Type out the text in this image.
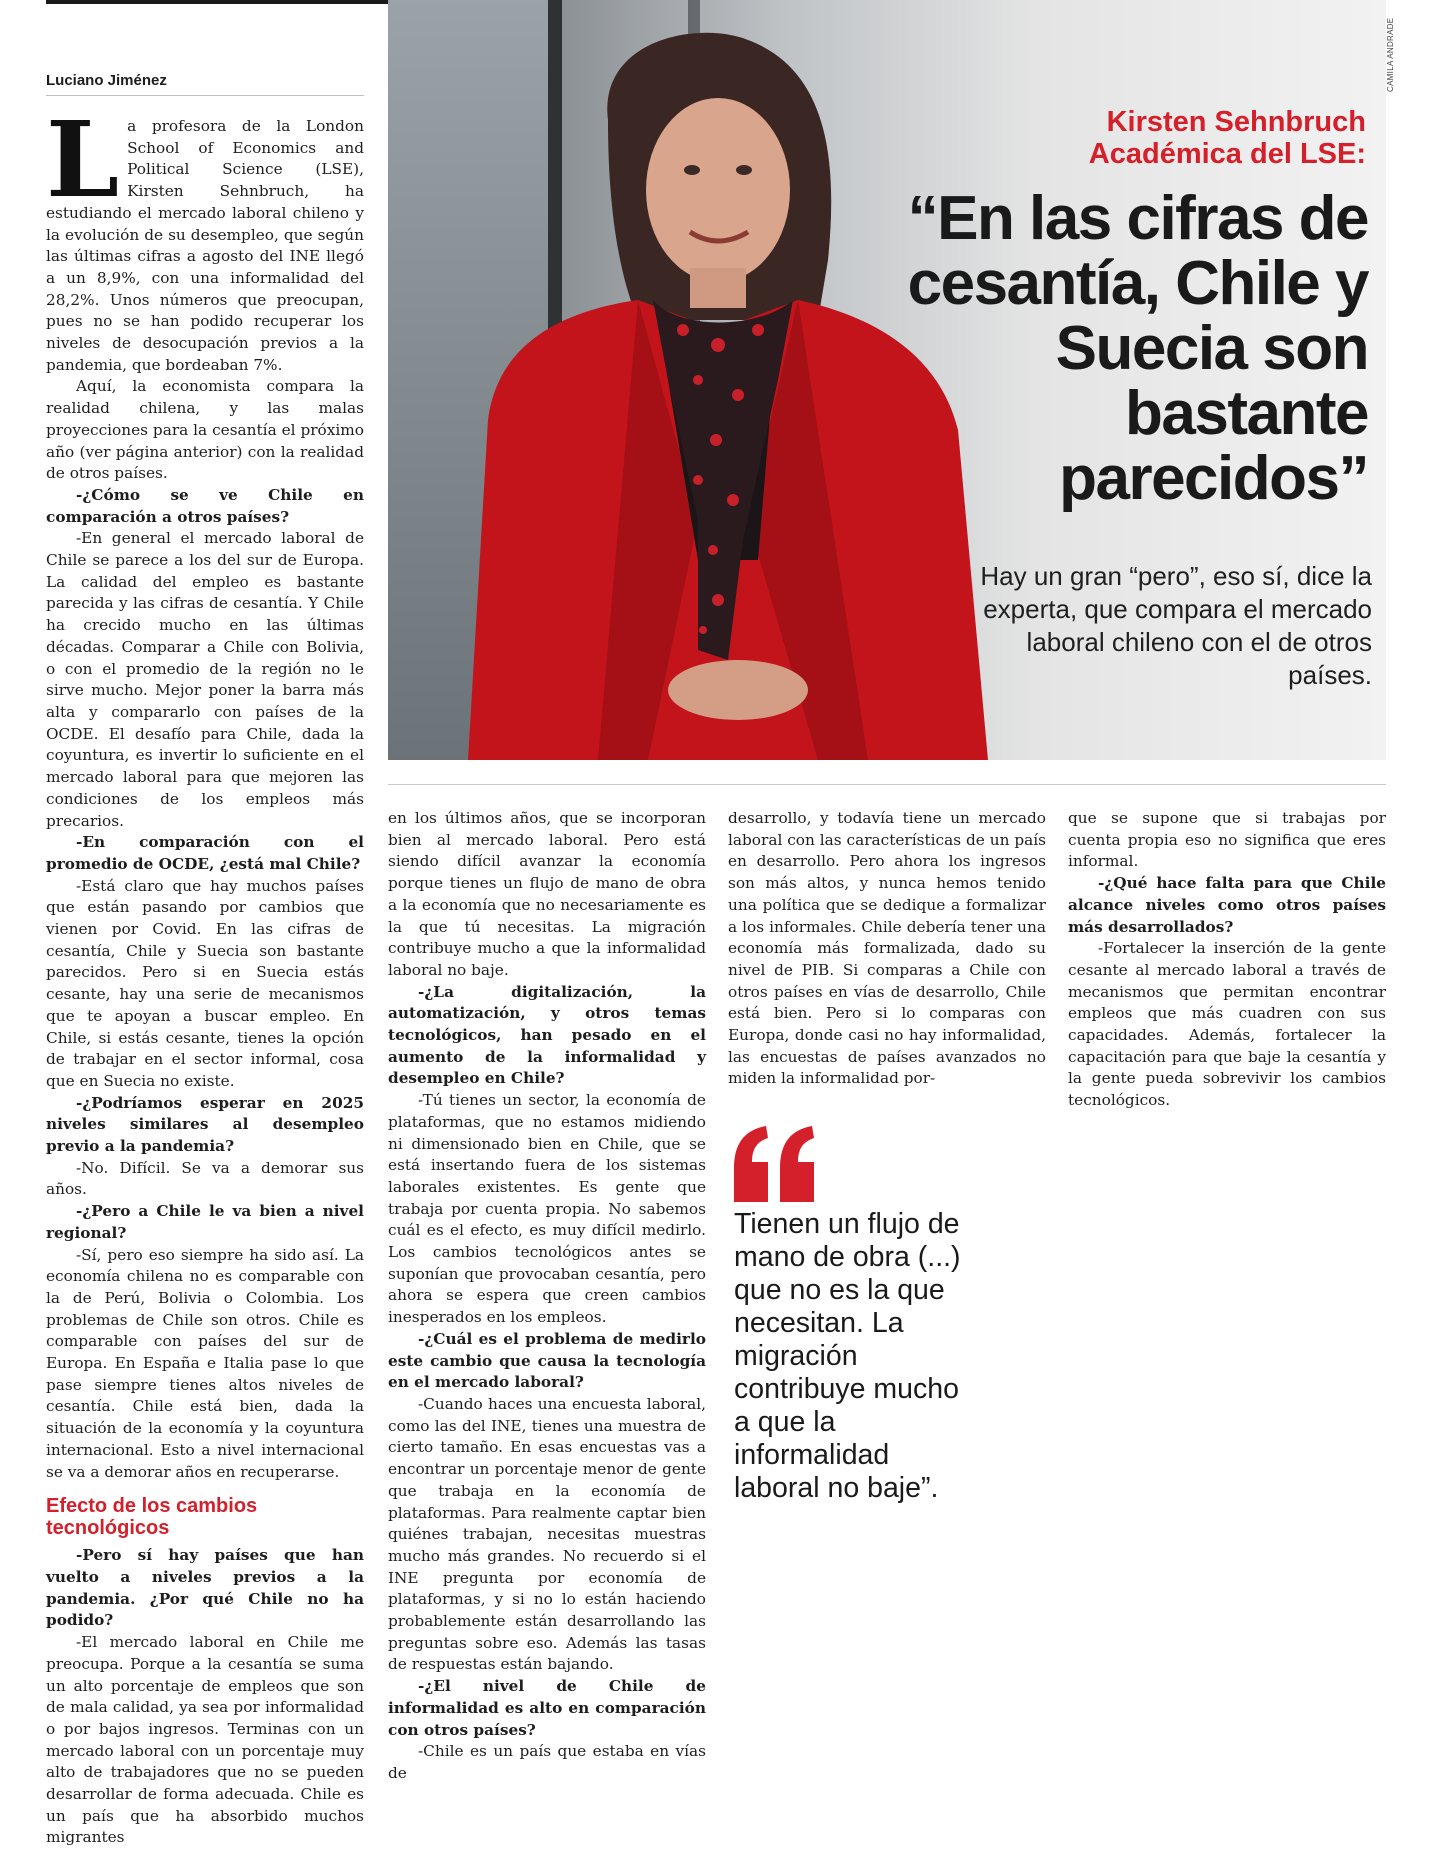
Luciano Jiménez	CAMILA ANDRADE
Kirsten Sehnbruch
Académica del LSE:
“En las cifras de cesantía, Chile y Suecia son bastante parecidos”
Hay un gran “pero”, eso sí, dice la experta, que compara el mercado laboral chileno con el de otros países.
L a profesora de la London School of Economics and Political Science (LSE), Kirsten Sehnbruch, ha estudiando el mercado laboral chileno y la evolución de su desempleo, que según las últimas cifras a agosto del INE llegó a un 8,9%, con una informalidad del 28,2%. Unos números que preocupan, pues no se han podido recuperar los niveles de desocupación previos a la pandemia, que bordeaban 7%.

Aquí, la economista compara la realidad chilena, y las malas proyecciones para la cesantía el próximo año (ver página anterior) con la realidad de otros países.

-¿Cómo se ve Chile en comparación a otros países?

-En general el mercado laboral de Chile se parece a los del sur de Europa. La calidad del empleo es bastante parecida y las cifras de cesantía. Y Chile ha crecido mucho en las últimas décadas. Comparar a Chile con Bolivia, o con el promedio de la región no le sirve mucho. Mejor poner la barra más alta y compararlo con países de la OCDE. El desafío para Chile, dada la coyuntura, es invertir lo suficiente en el mercado laboral para que mejoren las condiciones de los empleos más precarios.

-En comparación con el promedio de OCDE, ¿está mal Chile?

-Está claro que hay muchos países que están pasando por cambios que vienen por Covid. En las cifras de cesantía, Chile y Suecia son bastante parecidos. Pero si en Suecia estás cesante, hay una serie de mecanismos que te apoyan a buscar empleo. En Chile, si estás cesante, tienes la opción de trabajar en el sector informal, cosa que en Suecia no existe.

-¿Podríamos esperar en 2025 niveles similares al desempleo previo a la pandemia?

-No. Difícil. Se va a demorar sus años.

-¿Pero a Chile le va bien a nivel regional?

-Sí, pero eso siempre ha sido así. La economía chilena no es comparable con la de Perú, Bolivia o Colombia. Los problemas de Chile son otros. Chile es comparable con países del sur de Europa. En España e Italia pase lo que pase siempre tienes altos niveles de cesantía. Chile está bien, dada la situación de la economía y la coyuntura internacional. Esto a nivel internacional se va a demorar años en recuperarse.

Efecto de los cambios tecnológicos

-Pero sí hay países que han vuelto a niveles previos a la pandemia. ¿Por qué Chile no ha podido?

-El mercado laboral en Chile me preocupa. Porque a la cesantía se suma un alto porcentaje de empleos que son de mala calidad, ya sea por informalidad o por bajos ingresos. Terminas con un mercado laboral con un porcentaje muy alto de trabajadores que no se pueden desarrollar de forma adecuada. Chile es un país que ha absorbido muchos migrantes

en los últimos años, que se incorporan bien al mercado laboral. Pero está siendo difícil avanzar la economía porque tienes un flujo de mano de obra a la economía que no necesariamente es la que tú necesitas. La migración contribuye mucho a que la informalidad laboral no baje.

-¿La digitalización, la automatización, y otros temas tecnológicos, han pesado en el aumento de la informalidad y desempleo en Chile?

-Tú tienes un sector, la economía de plataformas, que no estamos midiendo ni dimensionado bien en Chile, que se está insertando fuera de los sistemas laborales existentes. Es gente que trabaja por cuenta propia. No sabemos cuál es el efecto, es muy difícil medirlo. Los cambios tecnológicos antes se suponían que provocaban cesantía, pero ahora se espera que creen cambios inesperados en los empleos.

-¿Cuál es el problema de medirlo este cambio que causa la tecnología en el mercado laboral?

-Cuando haces una encuesta laboral, como las del INE, tienes una muestra de cierto tamaño. En esas encuestas vas a encontrar un porcentaje menor de gente que trabaja en la economía de plataformas. Para realmente captar bien quiénes trabajan, necesitas muestras mucho más grandes. No recuerdo si el INE pregunta por economía de plataformas, y si no lo están haciendo probablemente están desarrollando las preguntas sobre eso. Además las tasas de respuestas están bajando.

-¿El nivel de Chile de informalidad es alto en comparación con otros países?

-Chile es un país que estaba en vías de

desarrollo, y todavía tiene un mercado laboral con las características de un país en desarrollo. Pero ahora los ingresos son más altos, y nunca hemos tenido una política que se dedique a formalizar a los informales. Chile debería tener una economía más formalizada, dado su nivel de PIB. Si comparas a Chile con otros países en vías de desarrollo, Chile está bien. Pero si lo comparas con Europa, donde casi no hay informalidad, las encuestas de países avanzados no miden la informalidad por-

que se supone que si trabajas por cuenta propia eso no significa que eres informal.

-¿Qué hace falta para que Chile alcance niveles como otros países más desarrollados?

-Fortalecer la inserción de la gente cesante al mercado laboral a través de mecanismos que permitan encontrar empleos que más cuadren con sus capacidades. Además, fortalecer la capacitación para que baje la cesantía y la gente pueda sobrevivir los cambios tecnológicos.

Tienen un flujo de mano de obra (...) que no es la que necesitan. La migración contribuye mucho a que la informalidad laboral no baje”.
